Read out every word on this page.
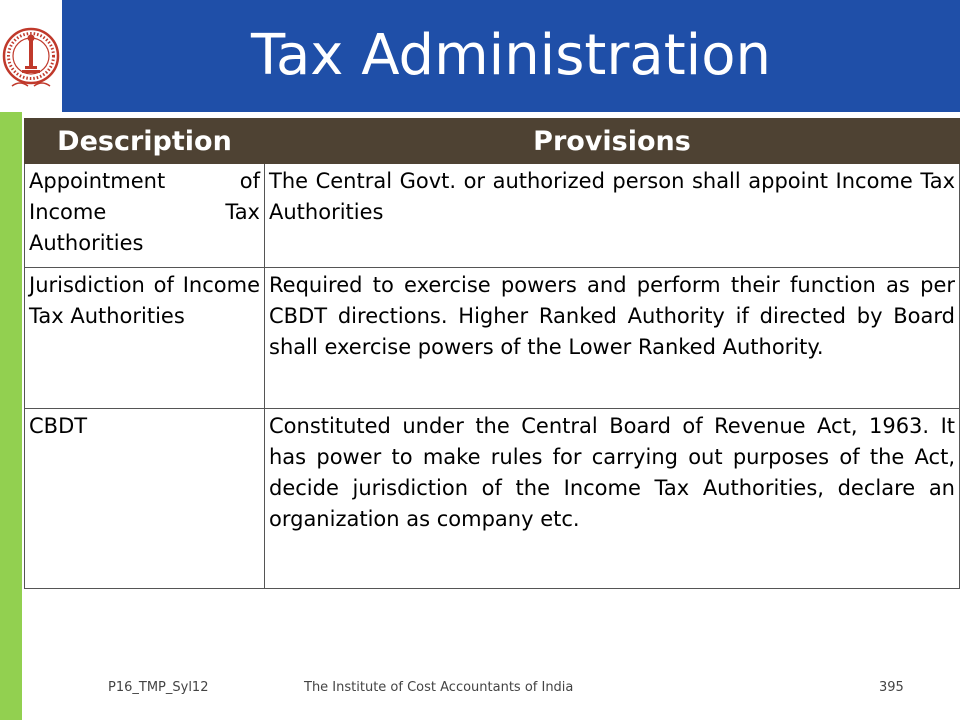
Tax Administration
Description	Provisions
Appointment of Income Tax Authorities	The Central Govt. or authorized person shall appoint Income Tax Authorities
Jurisdiction of Income Tax Authorities	Required to exercise powers and perform their function as per CBDT directions. Higher Ranked Authority if directed by Board shall exercise powers of the Lower Ranked Authority.
CBDT	Constituted under the Central Board of Revenue Act, 1963. It has power to make rules for carrying out purposes of the Act, decide jurisdiction of the Income Tax Authorities, declare an organization as company etc.
P16_TMP_Syl12	The Institute of Cost Accountants of India	395
